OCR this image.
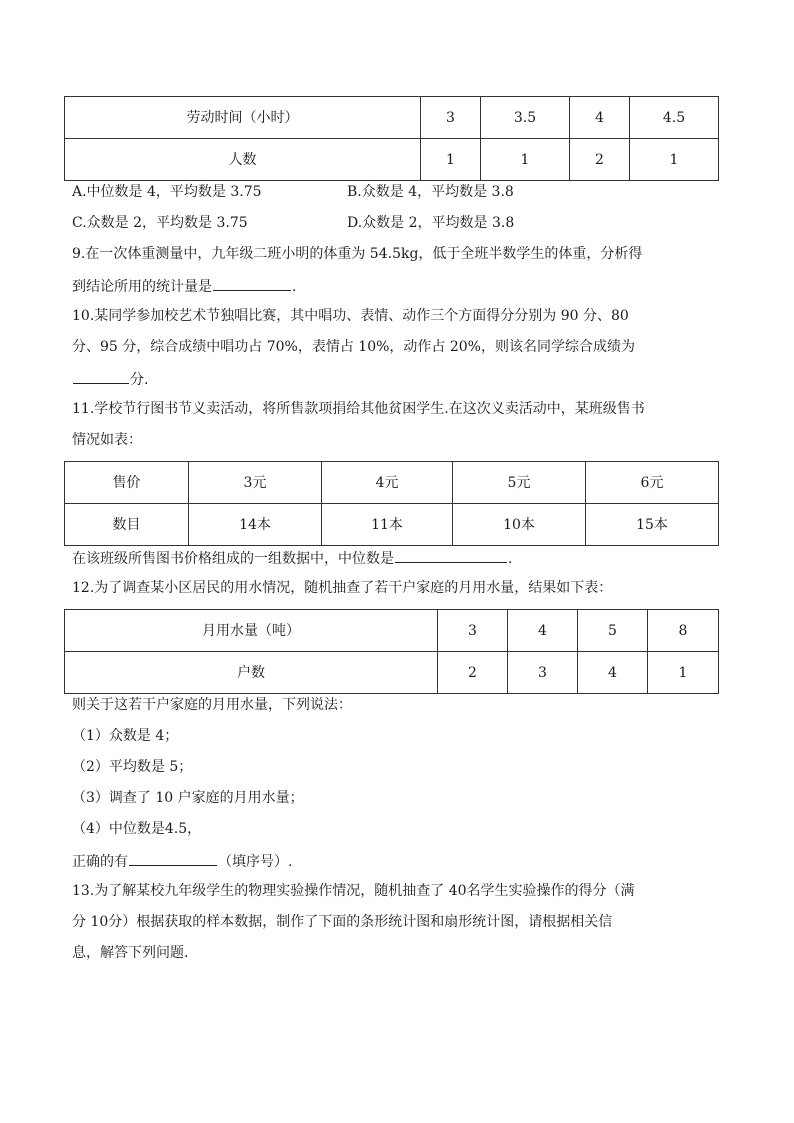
劳动时间（小时）	3	3.5	4	4.5
人数	1	1	2	1
A.中位数是 4，平均数是 3.75	B.众数是 4，平均数是 3.8
C.众数是 2，平均数是 3.75	D.众数是 2，平均数是 3.8
9.在一次体重测量中，九年级二班小明的体重为 54.5kg，低于全班半数学生的体重，分析得
到结论所用的统计量是	.
10.某同学参加校艺术节独唱比赛，其中唱功、表情、动作三个方面得分分别为 90 分、80
分、95 分，综合成绩中唱功占 70%，表情占 10%，动作占 20%，则该名同学综合成绩为
分.
11.学校节行图书节义卖活动，将所售款项捐给其他贫困学生.在这次义卖活动中，某班级售书
情况如表：
售价	3元	4元	5元	6元
数目	14本	11本	10本	15本
在该班级所售图书价格组成的一组数据中，中位数是	.
12.为了调查某小区居民的用水情况，随机抽查了若干户家庭的月用水量，结果如下表：
月用水量（吨）	3	4	5	8
户数	2	3	4	1
则关于这若干户家庭的月用水量，下列说法：
（1）众数是 4；
（2）平均数是 5；
（3）调查了 10 户家庭的月用水量；
（4）中位数是4.5，
正确的有	（填序号）.
13.为了解某校九年级学生的物理实验操作情况，随机抽查了 40名学生实验操作的得分（满
分 10分）根据获取的样本数据，制作了下面的条形统计图和扇形统计图，请根据相关信
息，解答下列问题.
